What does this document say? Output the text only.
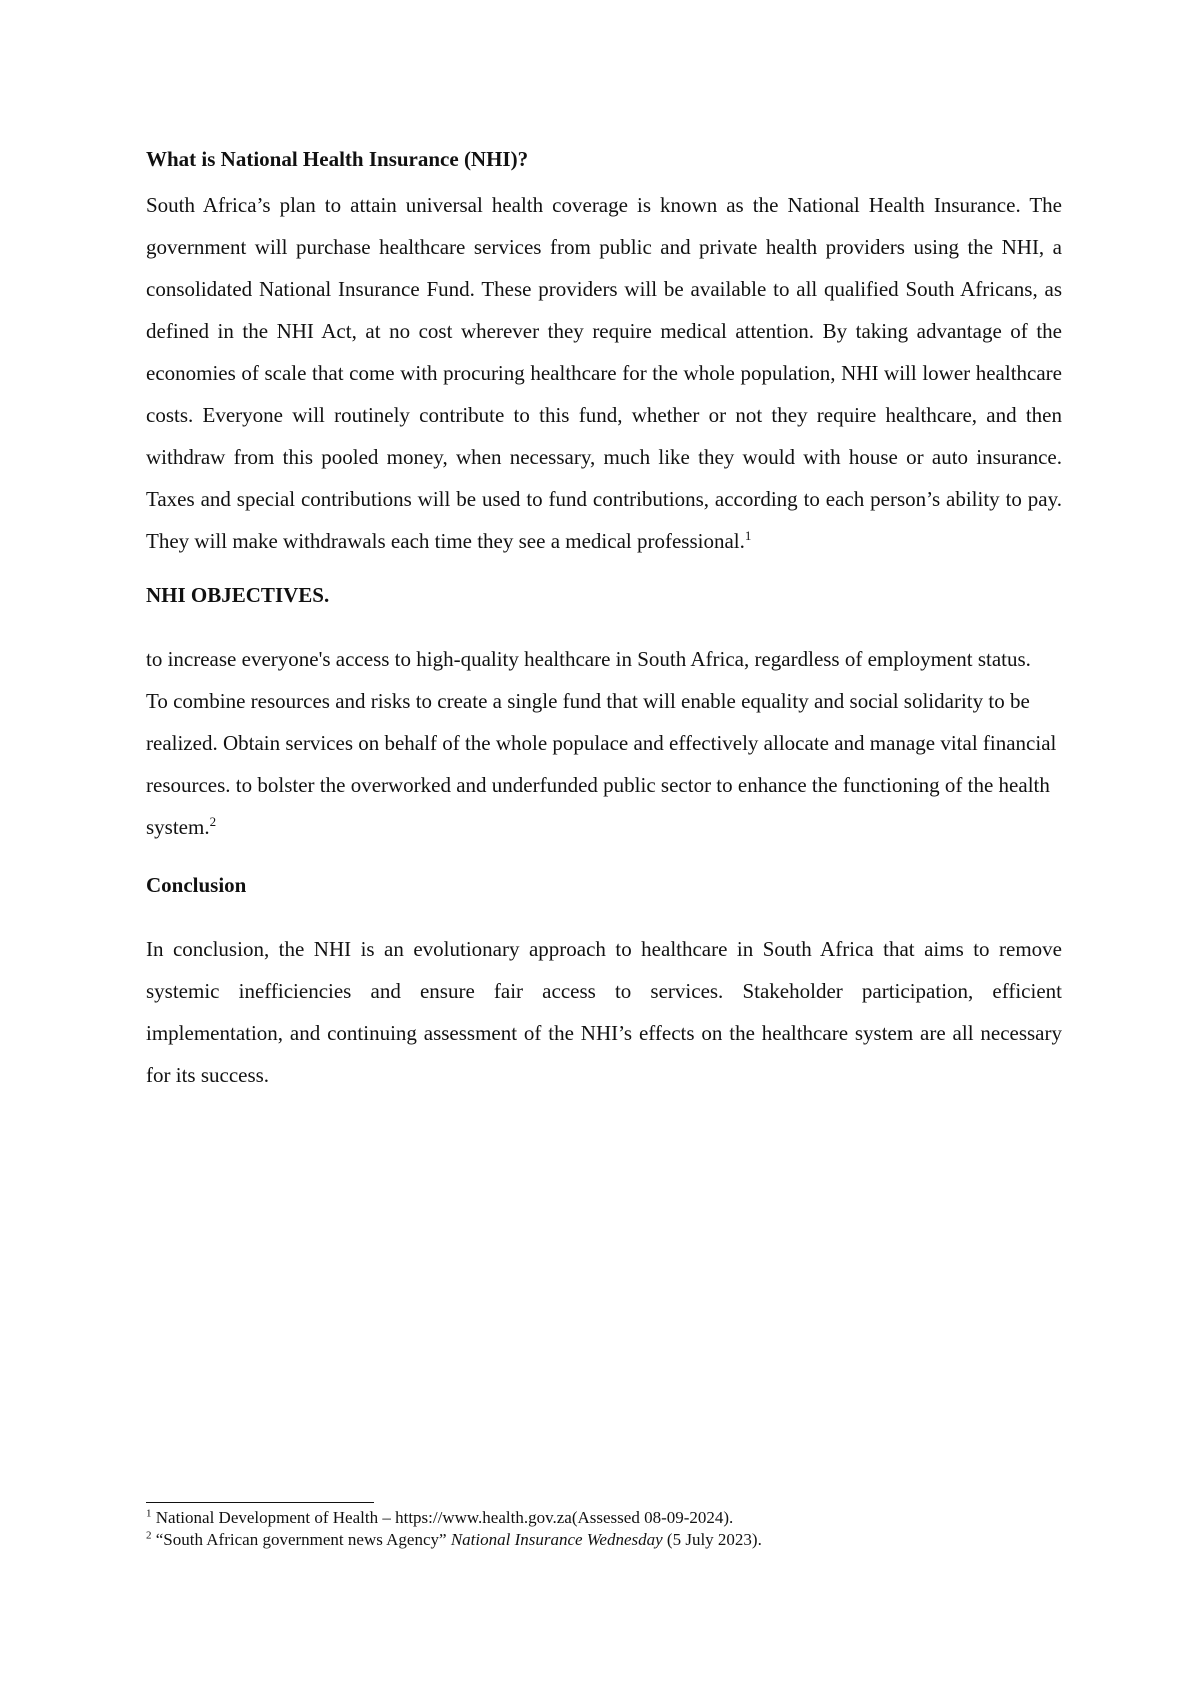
What is National Health Insurance (NHI)?

South Africa’s plan to attain universal health coverage is known as the National Health Insurance. The government will purchase healthcare services from public and private health providers using the NHI, a consolidated National Insurance Fund. These providers will be available to all qualified South Africans, as defined in the NHI Act, at no cost wherever they require medical attention. By taking advantage of the economies of scale that come with procuring healthcare for the whole population, NHI will lower healthcare costs. Everyone will routinely contribute to this fund, whether or not they require healthcare, and then withdraw from this pooled money, when necessary, much like they would with house or auto insurance. Taxes and special contributions will be used to fund contributions, according to each person’s ability to pay. They will make withdrawals each time they see a medical professional.$^1$

NHI OBJECTIVES.

to increase everyone's access to high-quality healthcare in South Africa, regardless of employment status.

To combine resources and risks to create a single fund that will enable equality and social solidarity to be realized. Obtain services on behalf of the whole populace and effectively allocate and manage vital financial resources. to bolster the overworked and underfunded public sector to enhance the functioning of the health system.$^2$

Conclusion

In conclusion, the NHI is an evolutionary approach to healthcare in South Africa that aims to remove systemic inefficiencies and ensure fair access to services. Stakeholder participation, efficient implementation, and continuing assessment of the NHI’s effects on the healthcare system are all necessary for its success.

$^1$ National Development of Health – https://www.health.gov.za(Assessed 08-09-2024).

$^2$ “South African government news Agency” National Insurance Wednesday (5 July 2023).
